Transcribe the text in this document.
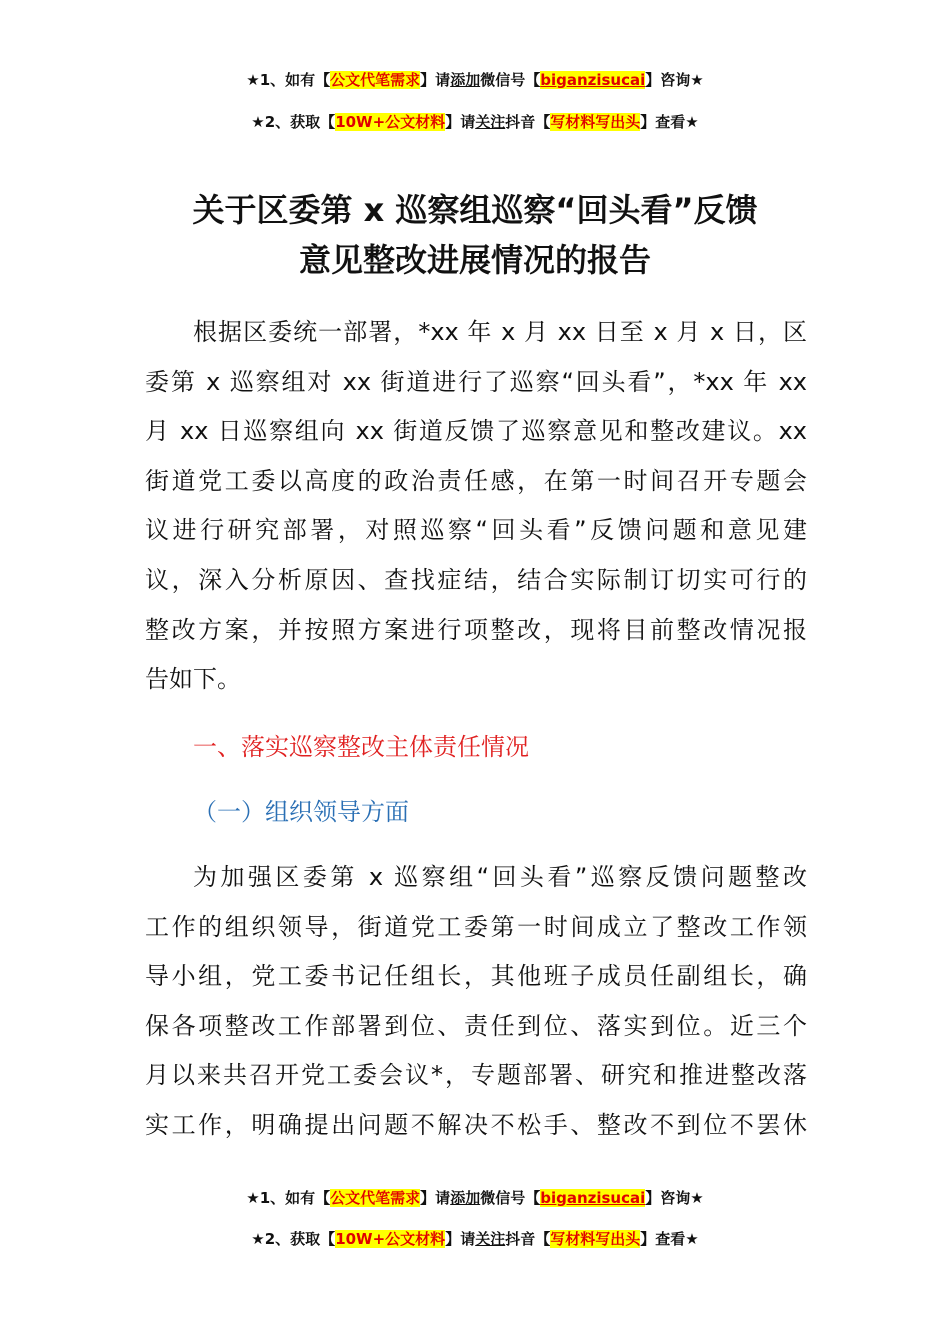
★1、如有【公文代笔需求】请添加微信号【biganzisucai】咨询★
★2、获取【10W+公文材料】请关注抖音【写材料写出头】查看★
关于区委第 x 巡察组巡察“回头看”反馈
意见整改进展情况的报告
根据区委统一部署，*xx 年 x 月 xx 日至 x 月 x 日，区
委第 x 巡察组对 xx 街道进行了巡察“回头看”，*xx 年 xx
月 xx 日巡察组向 xx 街道反馈了巡察意见和整改建议。xx
街道党工委以高度的政治责任感，在第一时间召开专题会
议进行研究部署，对照巡察“回头看”反馈问题和意见建
议，深入分析原因、查找症结，结合实际制订切实可行的
整改方案，并按照方案进行项整改，现将目前整改情况报
告如下。
一、落实巡察整改主体责任情况
（一）组织领导方面
为加强区委第 x 巡察组“回头看”巡察反馈问题整改
工作的组织领导，街道党工委第一时间成立了整改工作领
导小组，党工委书记任组长，其他班子成员任副组长，确
保各项整改工作部署到位、责任到位、落实到位。近三个
月以来共召开党工委会议*，专题部署、研究和推进整改落
实工作，明确提出问题不解决不松手、整改不到位不罢休
★1、如有【公文代笔需求】请添加微信号【biganzisucai】咨询★
★2、获取【10W+公文材料】请关注抖音【写材料写出头】查看★
